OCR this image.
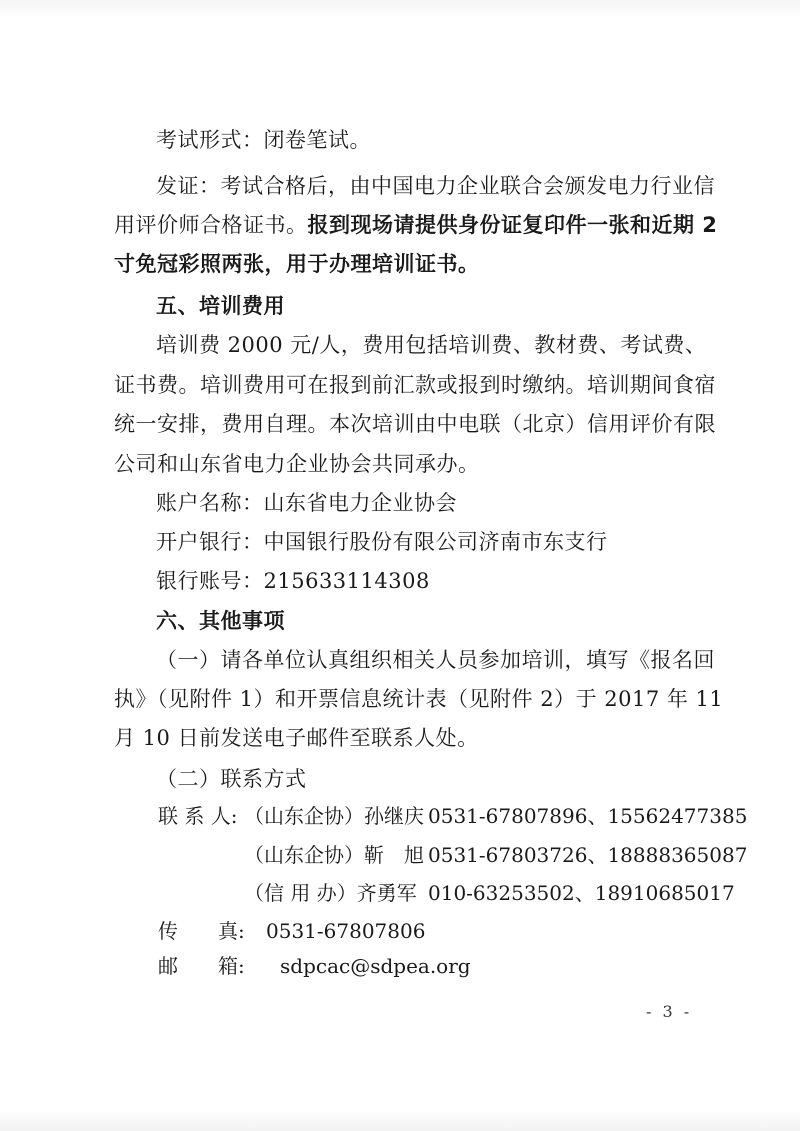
考试形式：闭卷笔试。
发证：考试合格后，由中国电力企业联合会颁发电力行业信
用评价师合格证书。报到现场请提供身份证复印件一张和近期 2
寸免冠彩照两张，用于办理培训证书。
五、培训费用
培训费 2000 元/人，费用包括培训费、教材费、考试费、
证书费。培训费用可在报到前汇款或报到时缴纳。培训期间食宿
统一安排，费用自理。本次培训由中电联（北京）信用评价有限
公司和山东省电力企业协会共同承办。
账户名称：山东省电力企业协会
开户银行：中国银行股份有限公司济南市东支行
银行账号：215633114308
六、其他事项
（一）请各单位认真组织相关人员参加培训，填写《报名回
执》（见附件 1）和开票信息统计表（见附件 2）于 2017 年 11
月 10 日前发送电子邮件至联系人处。
（二）联系方式
联 系 人: （山东企协）孙继庆 0531-67807896、15562477385
（山东企协）靳　旭 0531-67803726、18888365087
（信 用 办）齐勇军 010-63253502、18910685017
传　　真: 0531-67807806
邮　　箱: sdpcac@sdpea.org
- 3 -
